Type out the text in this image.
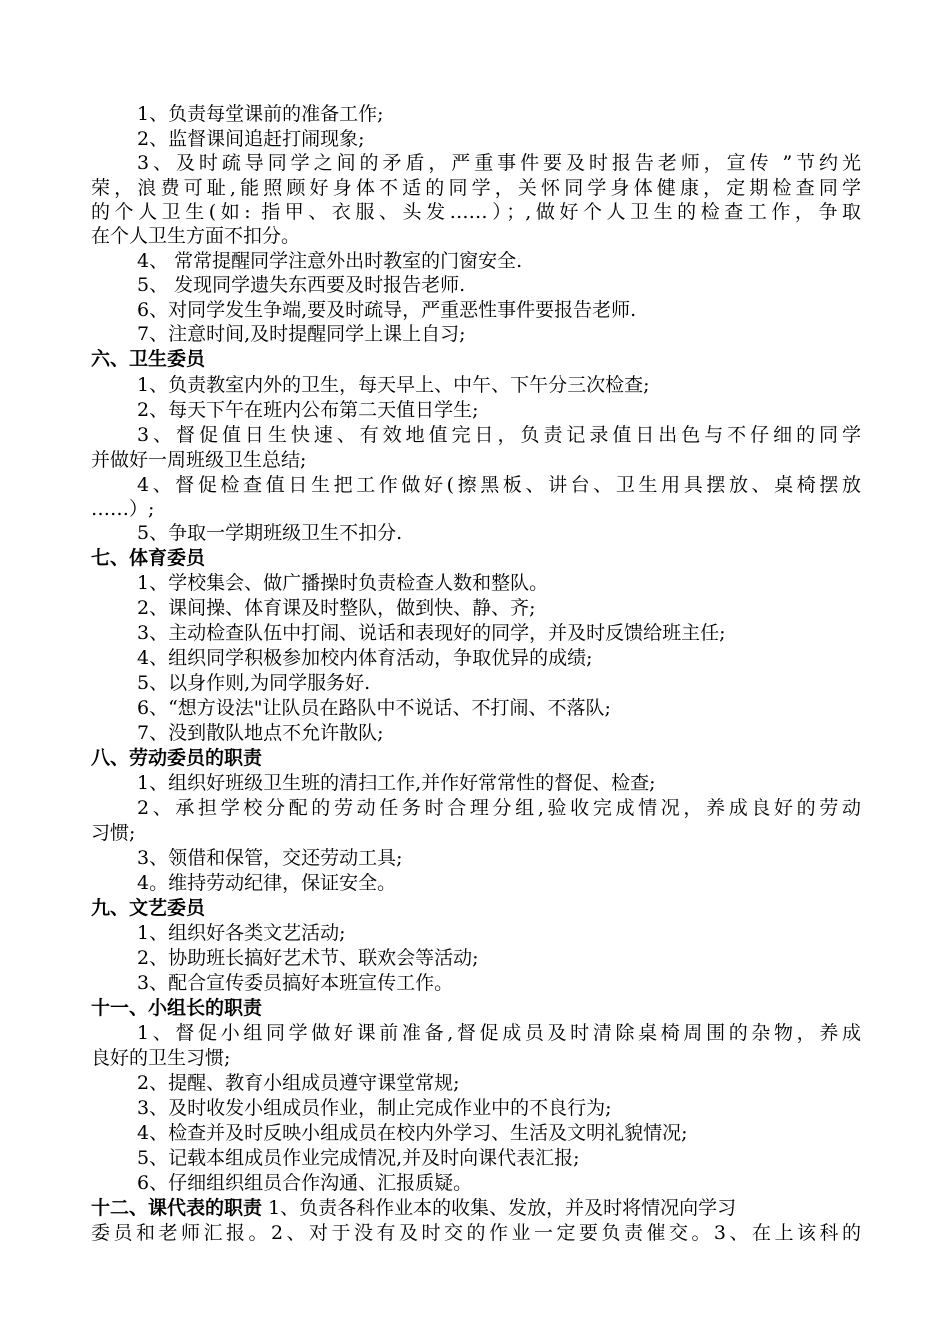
1、负责每堂课前的准备工作;
2、监督课间追赶打闹现象;
3、及时疏导同学之间的矛盾，严重事件要及时报告老师，宣传 ”节约光
荣，浪费可耻,能照顾好身体不适的同学，关怀同学身体健康，定期检查同学
的个人卫生(如: 指甲、衣服、头发……）；,做好个人卫生的检查工作，争取
在个人卫生方面不扣分。
4、 常常提醒同学注意外出时教室的门窗安全.
5、 发现同学遗失东西要及时报告老师.
6、对同学发生争端,要及时疏导，严重恶性事件要报告老师.
7、注意时间,及时提醒同学上课上自习;
六、卫生委员
1、负责教室内外的卫生，每天早上、中午、下午分三次检查;
2、每天下午在班内公布第二天值日学生;
3、督促值日生快速、有效地值完日，负责记录值日出色与不仔细的同学
并做好一周班级卫生总结;
4、督促检查值日生把工作做好(擦黑板、讲台、卫生用具摆放、桌椅摆放
……）;
5、争取一学期班级卫生不扣分.
七、体育委员
1、学校集会、做广播操时负责检查人数和整队。
2、课间操、体育课及时整队，做到快、静、齐;
3、主动检查队伍中打闹、说话和表现好的同学，并及时反馈给班主任;
4、组织同学积极参加校内体育活动，争取优异的成绩;
5、以身作则,为同学服务好.
6、“想方设法"让队员在路队中不说话、不打闹、不落队;
7、没到散队地点不允许散队;
八、劳动委员的职责
1、组织好班级卫生班的清扫工作,并作好常常性的督促、检查;
2、承担学校分配的劳动任务时合理分组,验收完成情况，养成良好的劳动
习惯;
3、领借和保管，交还劳动工具;
4。维持劳动纪律，保证安全。
九、文艺委员
1、组织好各类文艺活动;
2、协助班长搞好艺术节、联欢会等活动;
3、配合宣传委员搞好本班宣传工作。
十一、小组长的职责
1、督促小组同学做好课前准备,督促成员及时清除桌椅周围的杂物，养成
良好的卫生习惯;
2、提醒、教育小组成员遵守课堂常规;
3、及时收发小组成员作业，制止完成作业中的不良行为;
4、检查并及时反映小组成员在校内外学习、生活及文明礼貌情况;
5、记载本组成员作业完成情况,并及时向课代表汇报;
6、仔细组织组员合作沟通、汇报质疑。
十二、课代表的职责 1、负责各科作业本的收集、发放，并及时将情况向学习
委员和老师汇报。2、对于没有及时交的作业一定要负责催交。3、在上该科的
